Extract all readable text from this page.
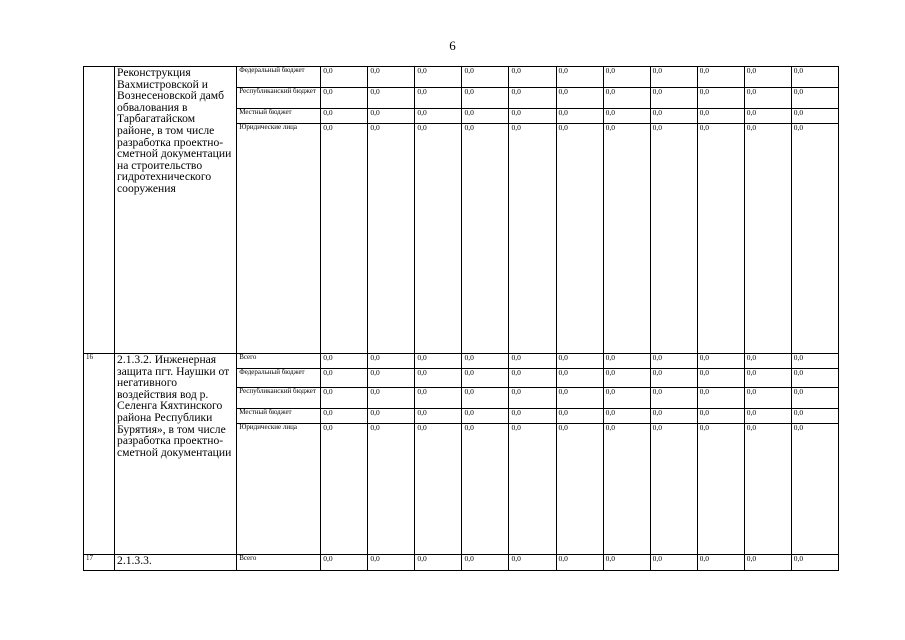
6
	Реконструкция Вахмистровской и Вознесеновской дамб обвалования в Тарбагатайском районе, в том числе разработка проектно-сметной документации на строительство гидротехнического сооружения	Федеральный бюджет	0,0	0,0	0,0	0,0	0,0	0,0	0,0	0,0	0,0	0,0	0,0
		Республиканский бюджет	0,0	0,0	0,0	0,0	0,0	0,0	0,0	0,0	0,0	0,0	0,0
		Местный бюджет	0,0	0,0	0,0	0,0	0,0	0,0	0,0	0,0	0,0	0,0	0,0
		Юридические лица	0,0	0,0	0,0	0,0	0,0	0,0	0,0	0,0	0,0	0,0	0,0
16	2.1.3.2. Инженерная защита пгт. Наушки от негативного воздействия вод р. Селенга Кяхтинского района Республики Бурятия», в том числе разработка проектно-сметной документации	Всего	0,0	0,0	0,0	0,0	0,0	0,0	0,0	0,0	0,0	0,0	0,0
		Федеральный бюджет	0,0	0,0	0,0	0,0	0,0	0,0	0,0	0,0	0,0	0,0	0,0
		Республиканский бюджет	0,0	0,0	0,0	0,0	0,0	0,0	0,0	0,0	0,0	0,0	0,0
		Местный бюджет	0,0	0,0	0,0	0,0	0,0	0,0	0,0	0,0	0,0	0,0	0,0
		Юридические лица	0,0	0,0	0,0	0,0	0,0	0,0	0,0	0,0	0,0	0,0	0,0
17	2.1.3.3.	Всего	0,0	0,0	0,0	0,0	0,0	0,0	0,0	0,0	0,0	0,0	0,0
